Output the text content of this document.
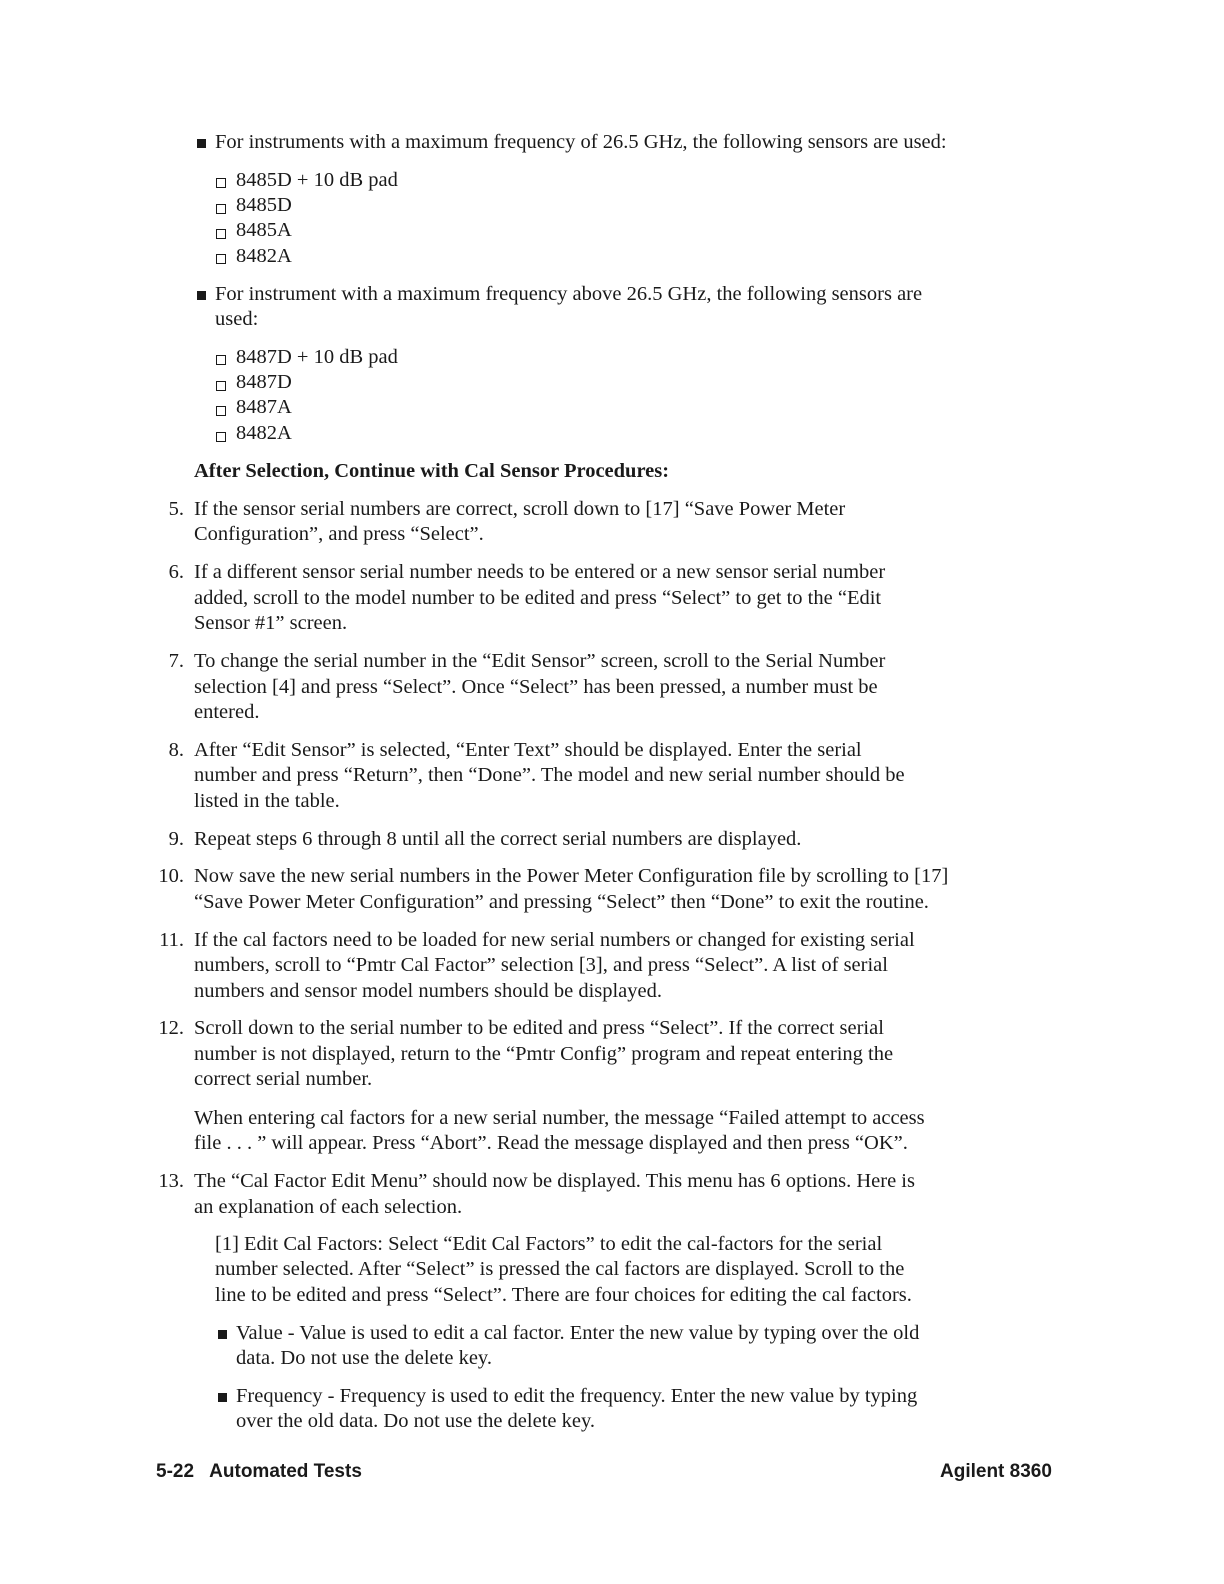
For instruments with a maximum frequency of 26.5 GHz, the following sensors are used:
8485D + 10 dB pad
8485D
8485A
8482A
For instrument with a maximum frequency above 26.5 GHz, the following sensors are
used:
8487D + 10 dB pad
8487D
8487A
8482A
After Selection, Continue with Cal Sensor Procedures:
5. If the sensor serial numbers are correct, scroll down to [17] “Save Power Meter
Configuration”, and press “Select”.
6. If a different sensor serial number needs to be entered or a new sensor serial number
added, scroll to the model number to be edited and press “Select” to get to the “Edit
Sensor #1” screen.
7. To change the serial number in the “Edit Sensor” screen, scroll to the Serial Number
selection [4] and press “Select”. Once “Select” has been pressed, a number must be
entered.
8. After “Edit Sensor” is selected, “Enter Text” should be displayed. Enter the serial
number and press “Return”, then “Done”. The model and new serial number should be
listed in the table.
9. Repeat steps 6 through 8 until all the correct serial numbers are displayed.
10. Now save the new serial numbers in the Power Meter Configuration file by scrolling to [17]
“Save Power Meter Configuration” and pressing “Select” then “Done” to exit the routine.
11. If the cal factors need to be loaded for new serial numbers or changed for existing serial
numbers, scroll to “Pmtr Cal Factor” selection [3], and press “Select”. A list of serial
numbers and sensor model numbers should be displayed.
12. Scroll down to the serial number to be edited and press “Select”. If the correct serial
number is not displayed, return to the “Pmtr Config” program and repeat entering the
correct serial number.
When entering cal factors for a new serial number, the message “Failed attempt to access
file . . . ” will appear. Press “Abort”. Read the message displayed and then press “OK”.
13. The “Cal Factor Edit Menu” should now be displayed. This menu has 6 options. Here is
an explanation of each selection.
[1] Edit Cal Factors: Select “Edit Cal Factors” to edit the cal-factors for the serial
number selected. After “Select” is pressed the cal factors are displayed. Scroll to the
line to be edited and press “Select”. There are four choices for editing the cal factors.
Value - Value is used to edit a cal factor. Enter the new value by typing over the old
data. Do not use the delete key.
Frequency - Frequency is used to edit the frequency. Enter the new value by typing
over the old data. Do not use the delete key.
5-22   Automated Tests	Agilent 8360
